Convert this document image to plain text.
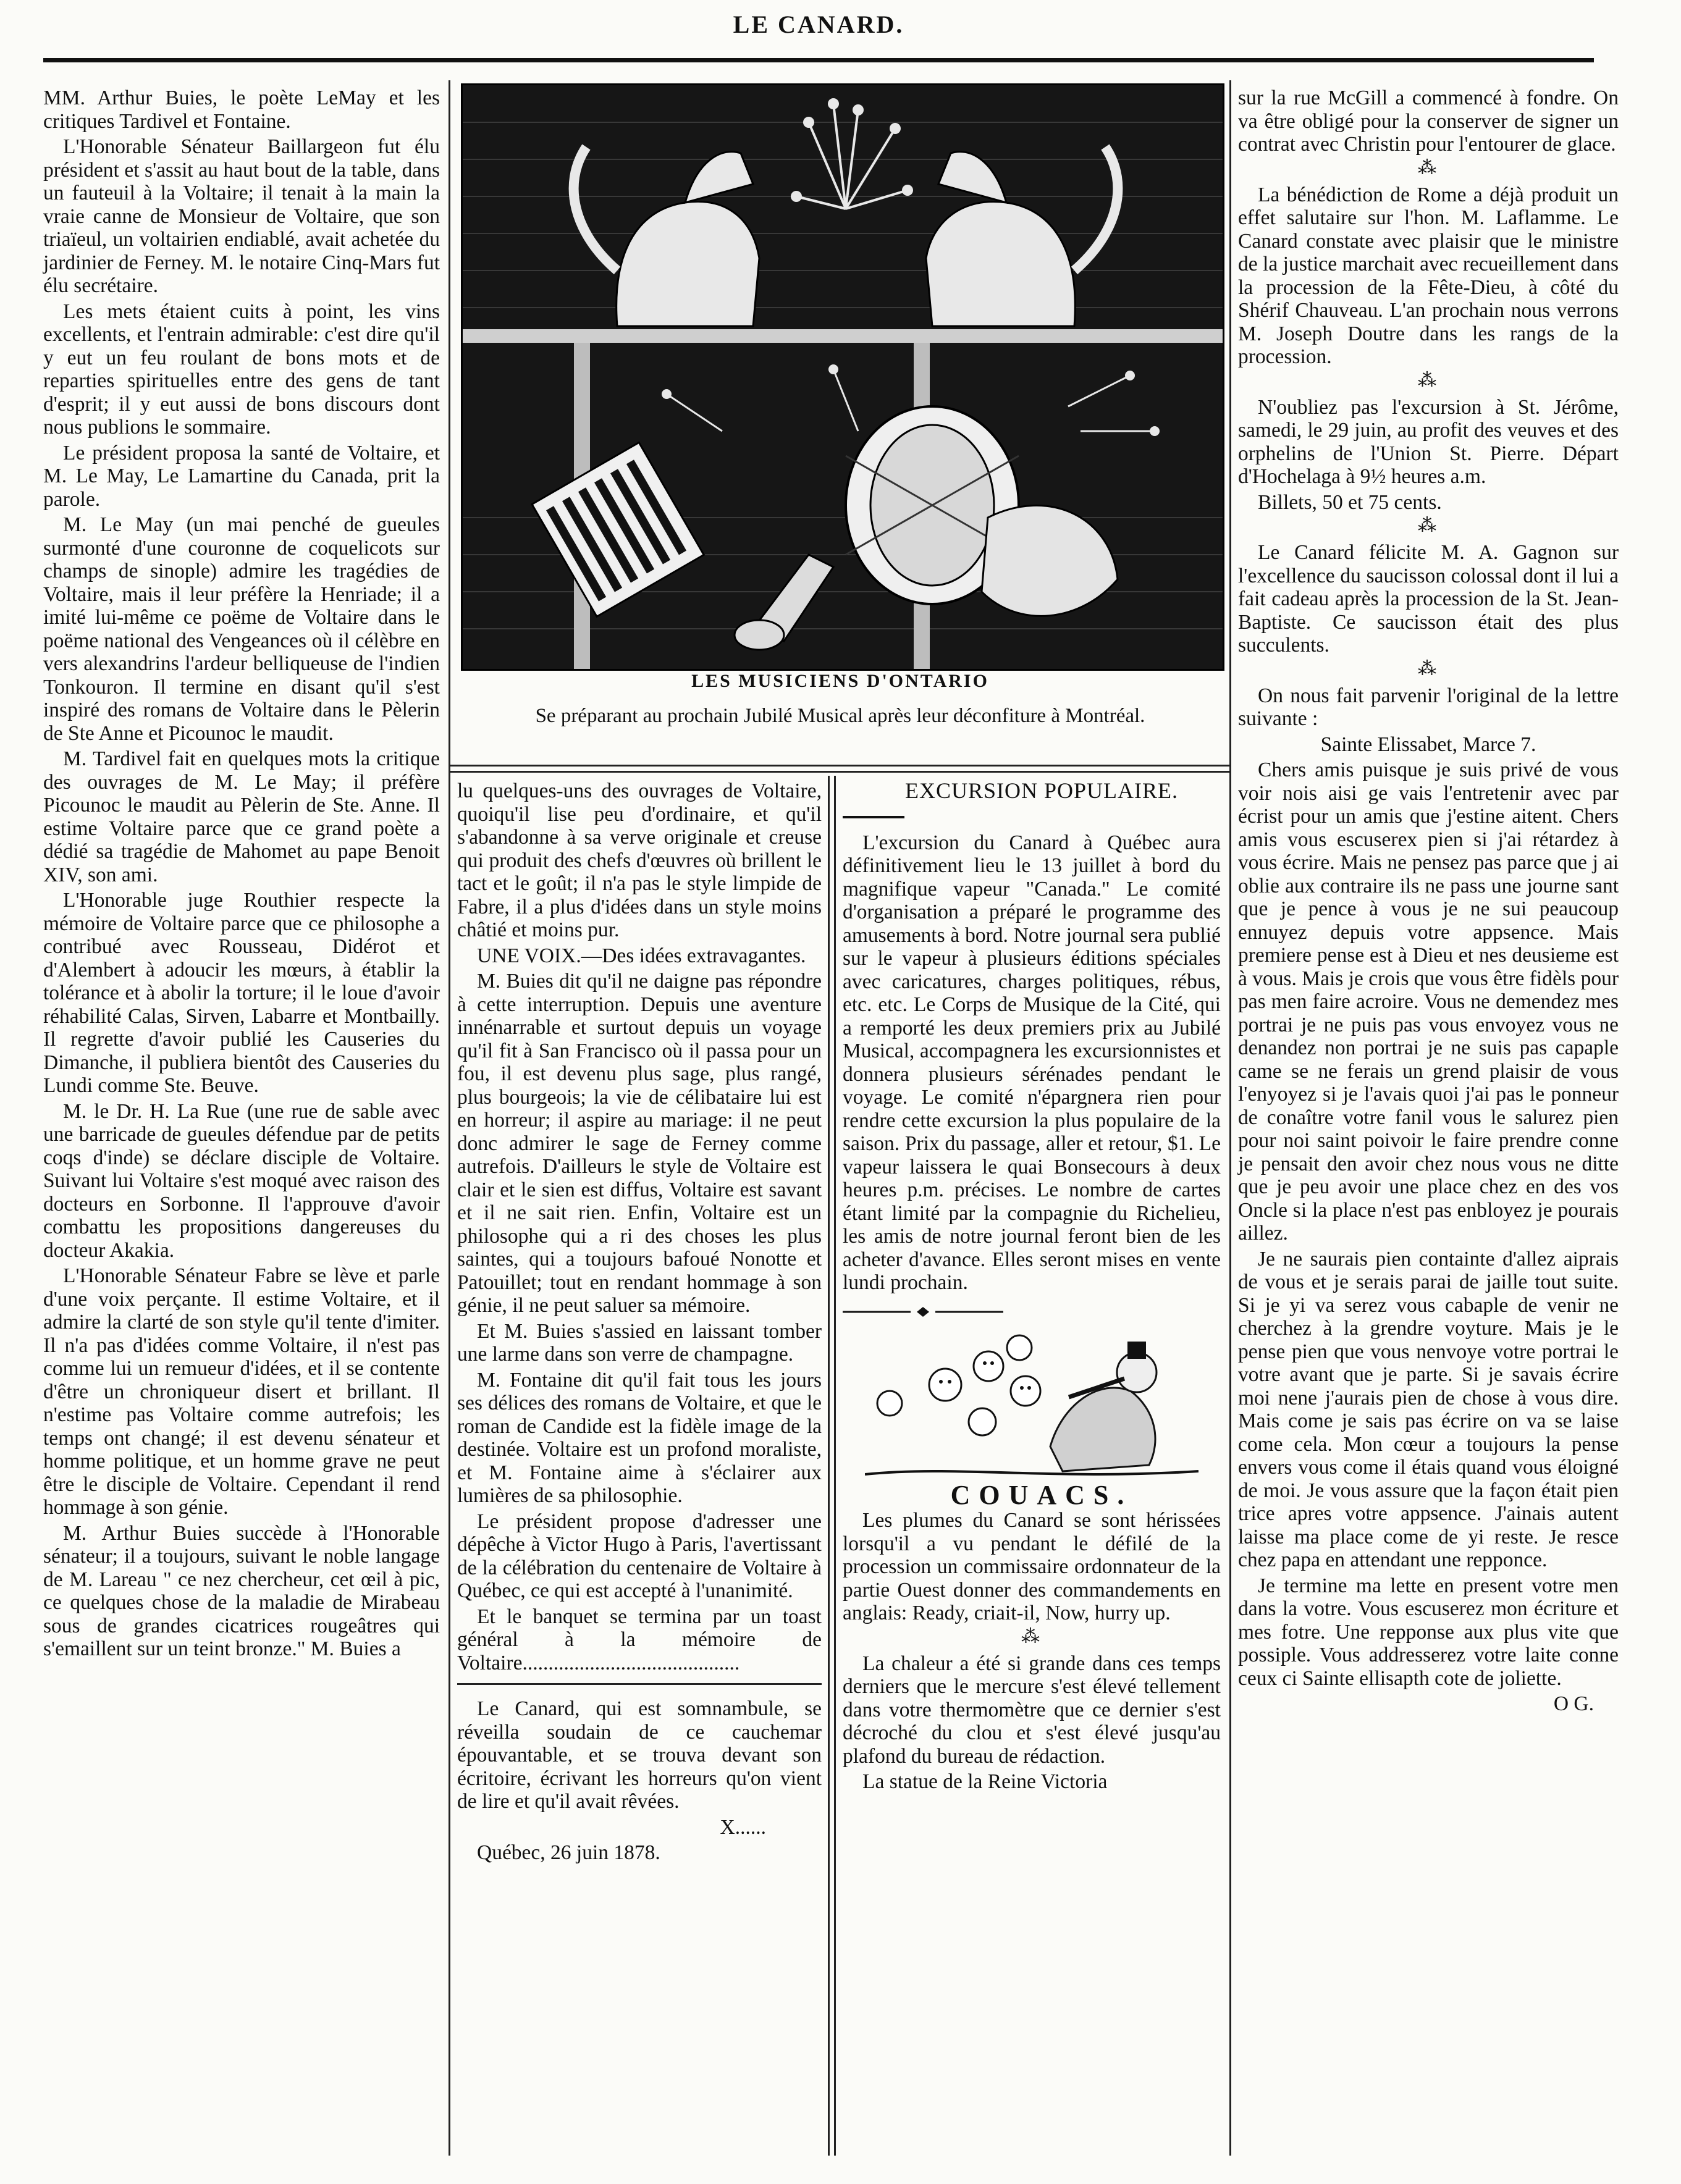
LE CANARD.
LES MUSICIENS D'ONTARIO
Se préparant au prochain Jubilé Musical après leur déconfiture à Montréal.

MM. Arthur Buies, le poète LeMay et les critiques Tardivel et Fontaine.

L'Honorable Sénateur Baillargeon fut élu président et s'assit au haut bout de la table, dans un fauteuil à la Voltaire; il tenait à la main la vraie canne de Monsieur de Voltaire, que son triaïeul, un voltairien endiablé, avait achetée du jardinier de Ferney. M. le notaire Cinq-Mars fut élu secrétaire.

Les mets étaient cuits à point, les vins excellents, et l'entrain admirable: c'est dire qu'il y eut un feu roulant de bons mots et de reparties spirituelles entre des gens de tant d'esprit; il y eut aussi de bons discours dont nous publions le sommaire.

Le président proposa la santé de Voltaire, et M. Le May, Le Lamartine du Canada, prit la parole.

M. Le May (un mai penché de gueules surmonté d'une couronne de coquelicots sur champs de sinople) admire les tragédies de Voltaire, mais il leur préfère la Henriade; il a imité lui-même ce poëme de Voltaire dans le poëme national des Vengeances où il célèbre en vers alexandrins l'ardeur belliqueuse de l'indien Tonkouron. Il termine en disant qu'il s'est inspiré des romans de Voltaire dans le Pèlerin de Ste Anne et Picounoc le maudit.

M. Tardivel fait en quelques mots la critique des ouvrages de M. Le May; il préfère Picounoc le maudit au Pèlerin de Ste. Anne. Il estime Voltaire parce que ce grand poète a dédié sa tragédie de Mahomet au pape Benoit XIV, son ami.

L'Honorable juge Routhier respecte la mémoire de Voltaire parce que ce philosophe a contribué avec Rousseau, Didérot et d'Alembert à adoucir les mœurs, à établir la tolérance et à abolir la torture; il le loue d'avoir réhabilité Calas, Sirven, Labarre et Montbailly. Il regrette d'avoir publié les Causeries du Dimanche, il publiera bientôt des Causeries du Lundi comme Ste. Beuve.

M. le Dr. H. La Rue (une rue de sable avec une barricade de gueules défendue par de petits coqs d'inde) se déclare disciple de Voltaire. Suivant lui Voltaire s'est moqué avec raison des docteurs en Sorbonne. Il l'approuve d'avoir combattu les propositions dangereuses du docteur Akakia.

L'Honorable Sénateur Fabre se lève et parle d'une voix perçante. Il estime Voltaire, et il admire la clarté de son style qu'il tente d'imiter. Il n'a pas d'idées comme Voltaire, il n'est pas comme lui un remueur d'idées, et il se contente d'être un chroniqueur disert et brillant. Il n'estime pas Voltaire comme autrefois; les temps ont changé; il est devenu sénateur et homme politique, et un homme grave ne peut être le disciple de Voltaire. Cependant il rend hommage à son génie.

M. Arthur Buies succède à l'Honorable sénateur; il a toujours, suivant le noble langage de M. Lareau " ce nez chercheur, cet œil à pic, ce quelques chose de la maladie de Mirabeau sous de grandes cicatrices rougeâtres qui s'emaillent sur un teint bronze." M. Buies a

lu quelques-uns des ouvrages de Voltaire, quoiqu'il lise peu d'ordinaire, et qu'il s'abandonne à sa verve originale et creuse qui produit des chefs d'œuvres où brillent le tact et le goût; il n'a pas le style limpide de Fabre, il a plus d'idées dans un style moins châtié et moins pur.

UNE VOIX.—Des idées extravagantes.

M. Buies dit qu'il ne daigne pas répondre à cette interruption. Depuis une aventure innénarrable et surtout depuis un voyage qu'il fit à San Francisco où il passa pour un fou, il est devenu plus sage, plus rangé, plus bourgeois; la vie de célibataire lui est en horreur; il aspire au mariage: il ne peut donc admirer le sage de Ferney comme autrefois. D'ailleurs le style de Voltaire est clair et le sien est diffus, Voltaire est savant et il ne sait rien. Enfin, Voltaire est un philosophe qui a ri des choses les plus saintes, qui a toujours bafoué Nonotte et Patouillet; tout en rendant hommage à son génie, il ne peut saluer sa mémoire.

Et M. Buies s'assied en laissant tomber une larme dans son verre de champagne.

M. Fontaine dit qu'il fait tous les jours ses délices des romans de Voltaire, et que le roman de Candide est la fidèle image de la destinée. Voltaire est un profond moraliste, et M. Fontaine aime à s'éclairer aux lumières de sa philosophie.

Le président propose d'adresser une dépêche à Victor Hugo à Paris, l'avertissant de la célébration du centenaire de Voltaire à Québec, ce qui est accepté à l'unanimité.

Et le banquet se termina par un toast général à la mémoire de Voltaire..........................................

Le Canard, qui est somnambule, se réveilla soudain de ce cauchemar épouvantable, et se trouva devant son écritoire, écrivant les horreurs qu'on vient de lire et qu'il avait rêvées.

X......

Québec, 26 juin 1878.

EXCURSION POPULAIRE.

L'excursion du Canard à Québec aura définitivement lieu le 13 juillet à bord du magnifique vapeur "Canada." Le comité d'organisation a préparé le programme des amusements à bord. Notre journal sera publié sur le vapeur à plusieurs éditions spéciales avec caricatures, charges politiques, rébus, etc. etc. Le Corps de Musique de la Cité, qui a remporté les deux premiers prix au Jubilé Musical, accompagnera les excursionnistes et donnera plusieurs sérénades pendant le voyage. Le comité n'épargnera rien pour rendre cette excursion la plus populaire de la saison. Prix du passage, aller et retour, $1. Le vapeur laissera le quai Bonsecours à deux heures p.m. précises. Le nombre de cartes étant limité par la compagnie du Richelieu, les amis de notre journal feront bien de les acheter d'avance. Elles seront mises en vente lundi prochain.

COUACS.

Les plumes du Canard se sont hérissées lorsqu'il a vu pendant le défilé de la procession un commissaire ordonnateur de la partie Ouest donner des commandements en anglais: Ready, criait-il, Now, hurry up.

⁂

La chaleur a été si grande dans ces temps derniers que le mercure s'est élevé tellement dans votre thermomètre que ce dernier s'est décroché du clou et s'est élevé jusqu'au plafond du bureau de rédaction.

La statue de la Reine Victoria

sur la rue McGill a commencé à fondre. On va être obligé pour la conserver de signer un contrat avec Christin pour l'entourer de glace.

⁂

La bénédiction de Rome a déjà produit un effet salutaire sur l'hon. M. Laflamme. Le Canard constate avec plaisir que le ministre de la justice marchait avec recueillement dans la procession de la Fête-Dieu, à côté du Shérif Chauveau. L'an prochain nous verrons M. Joseph Doutre dans les rangs de la procession.

⁂

N'oubliez pas l'excursion à St. Jérôme, samedi, le 29 juin, au profit des veuves et des orphelins de l'Union St. Pierre. Départ d'Hochelaga à 9½ heures a.m.

Billets, 50 et 75 cents.

⁂

Le Canard félicite M. A. Gagnon sur l'excellence du saucisson colossal dont il lui a fait cadeau après la procession de la St. Jean-Baptiste. Ce saucisson était des plus succulents.

⁂

On nous fait parvenir l'original de la lettre suivante :

Sainte Elissabet, Marce 7.

Chers amis puisque je suis privé de vous voir nois aisi ge vais l'entretenir avec par écrist pour un amis que j'estine aitent. Chers amis vous escuserex pien si j'ai rétardez à vous écrire. Mais ne pensez pas parce que j ai oblie aux contraire ils ne pass une journe sant que je pence à vous je ne sui peaucoup ennuyez depuis votre appsence. Mais premiere pense est à Dieu et nes deusieme est à vous. Mais je crois que vous être fidèls pour pas men faire acroire. Vous ne demendez mes portrai je ne puis pas vous envoyez vous ne denandez non portrai je ne suis pas capaple came se ne ferais un grend plaisir de vous l'enyoyez si je l'avais quoi j'ai pas le ponneur de conaître votre fanil vous le salurez pien pour noi saint poivoir le faire prendre conne je pensait den avoir chez nous vous ne ditte que je peu avoir une place chez en des vos Oncle si la place n'est pas enbloyez je pourais aillez.

Je ne saurais pien containte d'allez aiprais de vous et je serais parai de jaille tout suite. Si je yi va serez vous cabaple de venir ne cherchez à la grendre voyture. Mais je le pense pien que vous nenvoye votre portrai le votre avant que je parte. Si je savais écrire moi nene j'aurais pien de chose à vous dire. Mais come je sais pas écrire on va se laise come cela. Mon cœur a toujours la pense envers vous come il étais quand vous éloigné de moi. Je vous assure que la façon était pien trice apres votre appsence. J'ainais autent laisse ma place come de yi reste. Je resce chez papa en attendant une repponce.

Je termine ma lette en present votre men dans la votre. Vous escuserez mon écriture et mes fotre. Une repponse aux plus vite que possiple. Vous addresserez votre laite conne ceux ci Sainte ellisapth cote de joliette.

O G.
